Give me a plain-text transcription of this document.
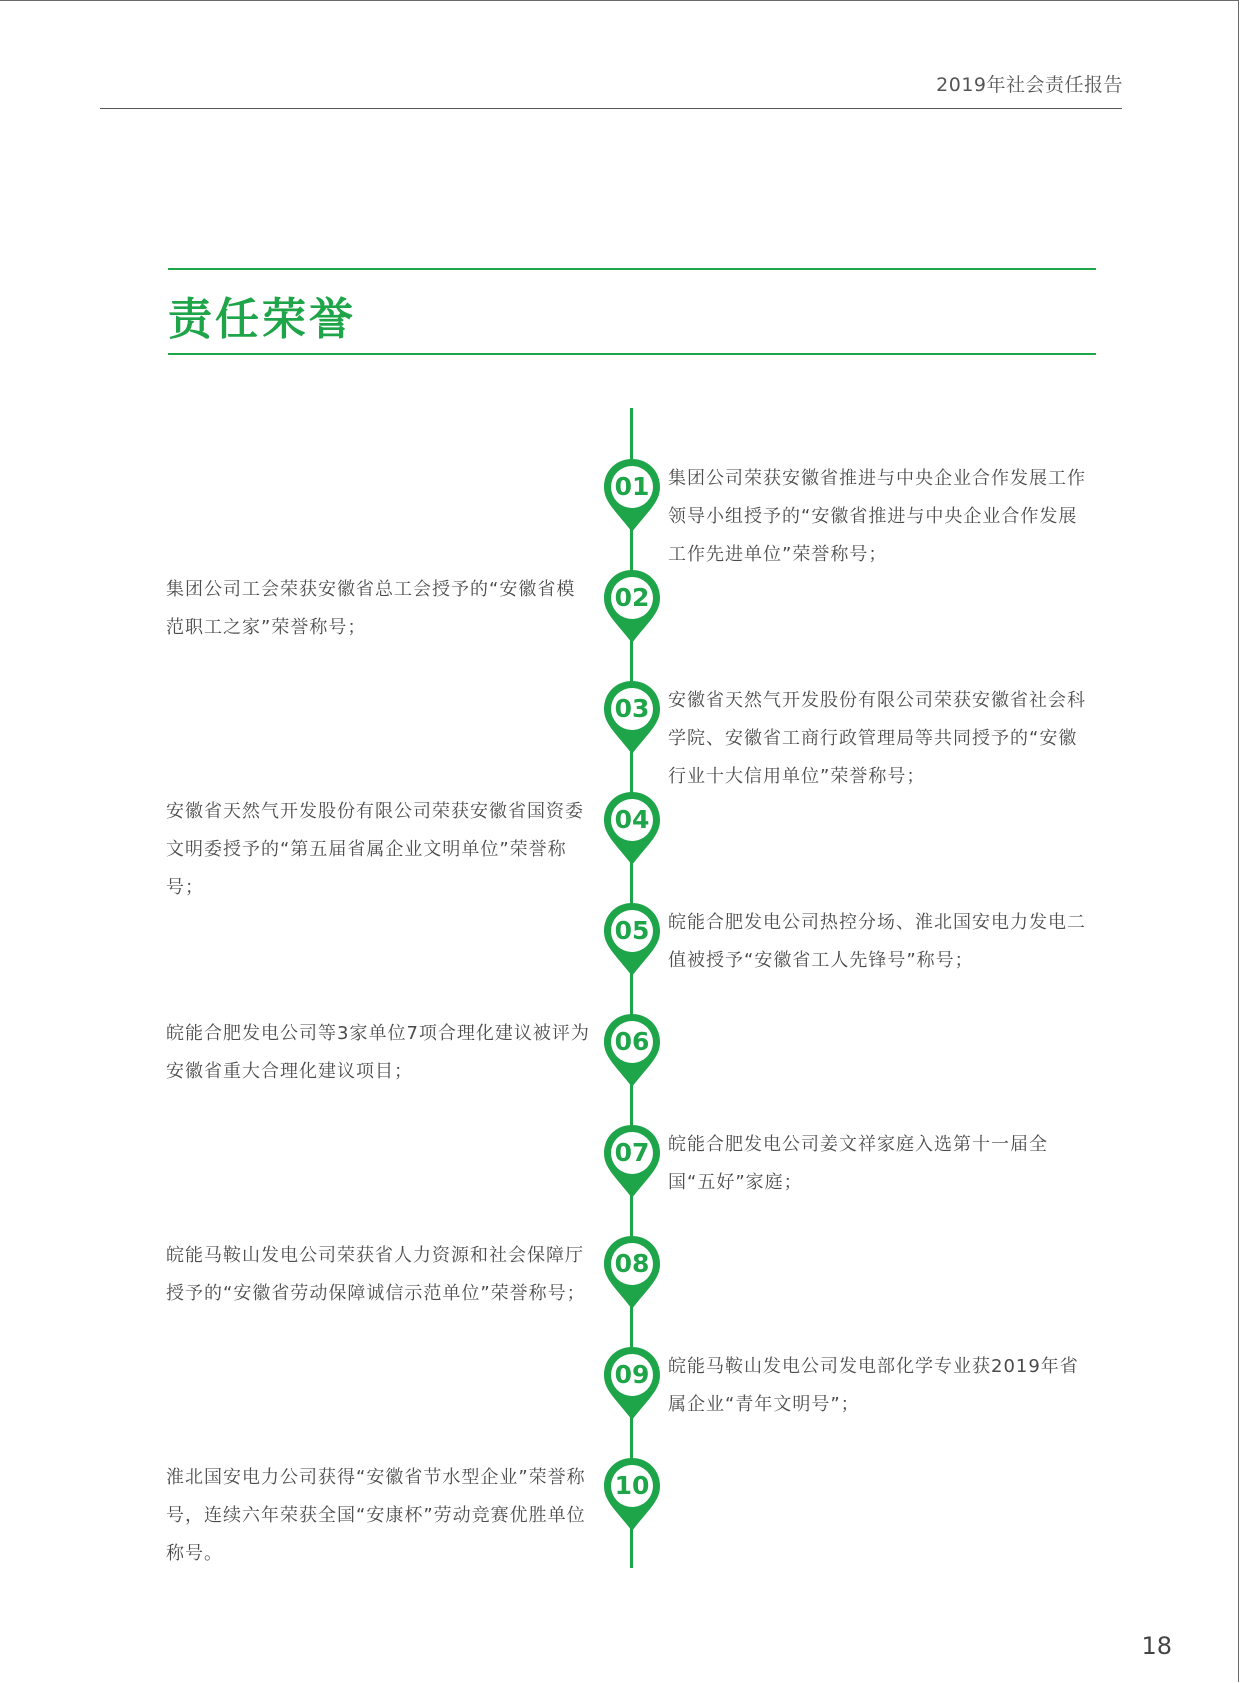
2019年社会责任报告
责任荣誉
01	集团公司荣获安徽省推进与中央企业合作发展工作领导小组授予的“安徽省推进与中央企业合作发展工作先进单位”荣誉称号；
02
集团公司工会荣获安徽省总工会授予的“安徽省模范职工之家”荣誉称号；
03	安徽省天然气开发股份有限公司荣获安徽省社会科学院、安徽省工商行政管理局等共同授予的“安徽行业十大信用单位”荣誉称号；
04
安徽省天然气开发股份有限公司荣获安徽省国资委文明委授予的“第五届省属企业文明单位”荣誉称号；
05	皖能合肥发电公司热控分场、淮北国安电力发电二值被授予“安徽省工人先锋号”称号；
06
皖能合肥发电公司等3家单位7项合理化建议被评为安徽省重大合理化建议项目；
07	皖能合肥发电公司姜文祥家庭入选第十一届全国“五好”家庭；
08
皖能马鞍山发电公司荣获省人力资源和社会保障厅授予的“安徽省劳动保障诚信示范单位”荣誉称号；
09	皖能马鞍山发电公司发电部化学专业获2019年省属企业“青年文明号”；
10
淮北国安电力公司获得“安徽省节水型企业”荣誉称号，连续六年荣获全国“安康杯”劳动竞赛优胜单位称号。
18
